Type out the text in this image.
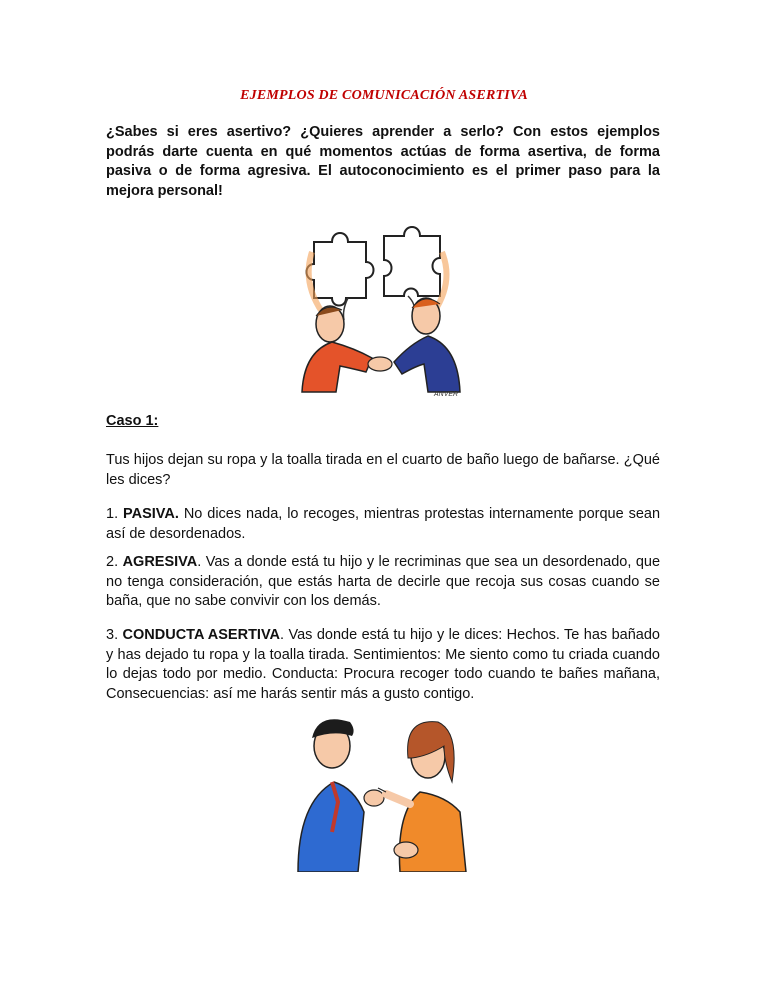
EJEMPLOS DE COMUNICACIÓN ASERTIVA

¿Sabes si eres asertivo? ¿Quieres aprender a serlo? Con estos ejemplos podrás darte cuenta en qué momentos actúas de forma asertiva, de forma pasiva o de forma agresiva. El autoconocimiento es el primer paso para la mejora personal!

ANVER

Caso 1:

Tus hijos dejan su ropa y la toalla tirada en el cuarto de baño luego de bañarse. ¿Qué les dices?

1. PASIVA. No dices nada, lo recoges, mientras protestas internamente porque sean así de desordenados.

2. AGRESIVA. Vas a donde está tu hijo y le recriminas que sea un desordenado, que no tenga consideración, que estás harta de decirle que recoja sus cosas cuando se baña, que no sabe convivir con los demás.

3. CONDUCTA ASERTIVA. Vas donde está tu hijo y le dices: Hechos. Te has bañado y has dejado tu ropa y la toalla tirada. Sentimientos: Me siento como tu criada cuando lo dejas todo por medio. Conducta: Procura recoger todo cuando te bañes mañana, Consecuencias: así me harás sentir más a gusto contigo.
